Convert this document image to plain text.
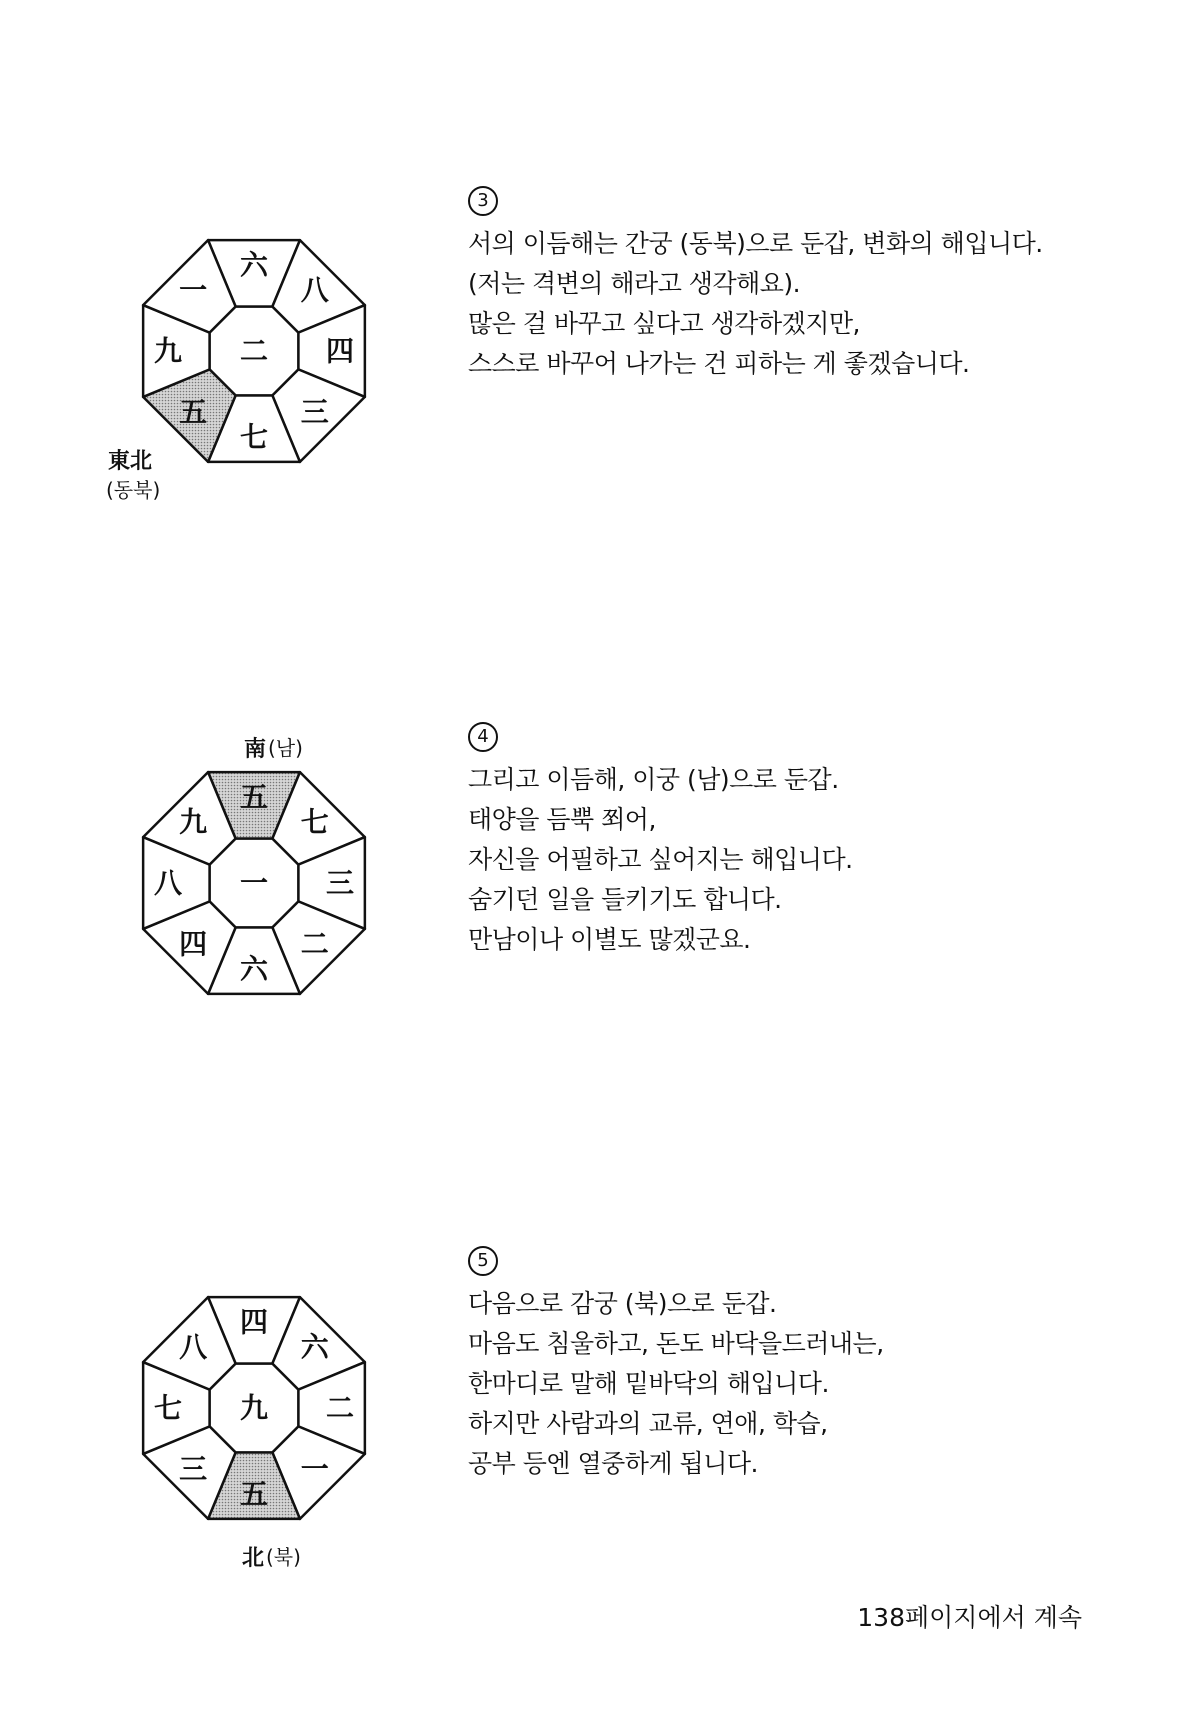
六
八
四
三
七
五
九
一
二
東北
(동북)
3
서의 이듬해는 간궁 (동북)으로 둔갑, 변화의 해입니다.
(저는 격변의 해라고 생각해요).
많은 걸 바꾸고 싶다고 생각하겠지만,
스스로 바꾸어 나가는 건 피하는 게 좋겠습니다.
南 (남)
五
七
三
二
六
四
八
九
一
4
그리고 이듬해, 이궁 (남)으로 둔갑.
태양을 듬뿍 쬐어,
자신을 어필하고 싶어지는 해입니다.
숨기던 일을 들키기도 합니다.
만남이나 이별도 많겠군요.
四
六
二
一
五
三
七
八
九
北 (북)
5
다음으로 감궁 (북)으로 둔갑.
마음도 침울하고, 돈도 바닥을드러내는,
한마디로 말해 밑바닥의 해입니다.
하지만 사람과의 교류, 연애, 학습,
공부 등엔 열중하게 됩니다.
138페이지에서 계속
